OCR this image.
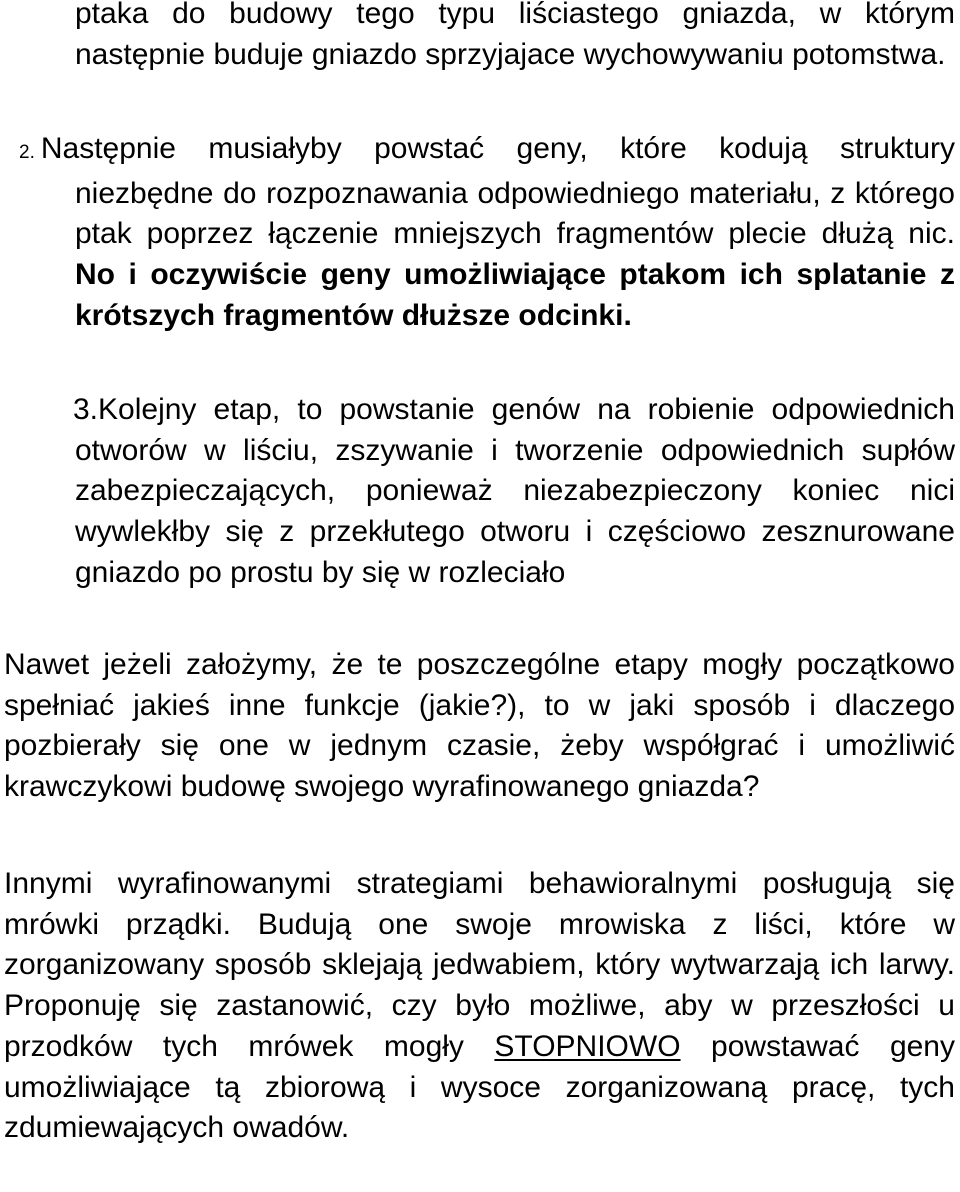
ptaka do budowy tego typu liściastego gniazda, w którym następnie buduje gniazdo sprzyjajace wychowywaniu potomstwa.
2. Następnie musiałyby powstać geny, które kodują struktury niezbędne do rozpoznawania odpowiedniego materiału, z którego ptak poprzez łączenie mniejszych fragmentów plecie dłużą nic. No i oczywiście geny umożliwiające ptakom ich splatanie z krótszych fragmentów dłuższe odcinki.
3.Kolejny etap, to powstanie genów na robienie odpowiednich otworów w liściu, zszywanie i tworzenie odpowiednich supłów zabezpieczających, ponieważ niezabezpieczony koniec nici wywlekłby się z przekłutego otworu i częściowo zesznurowane gniazdo po prostu by się w rozleciało
Nawet jeżeli założymy, że te poszczególne etapy mogły początkowo spełniać jakieś inne funkcje (jakie?), to w jaki sposób i dlaczego pozbierały się one w jednym czasie, żeby współgrać i umożliwić krawczykowi budowę swojego wyrafinowanego gniazda?
Innymi wyrafinowanymi strategiami behawioralnymi posługują się mrówki prządki. Budują one swoje mrowiska z liści, które w zorganizowany sposób sklejają jedwabiem, który wytwarzają ich larwy. Proponuję się zastanowić, czy było możliwe, aby w przeszłości u przodków tych mrówek mogły STOPNIOWO powstawać geny umożliwiające tą zbiorową i wysoce zorganizowaną pracę, tych zdumiewających owadów.
